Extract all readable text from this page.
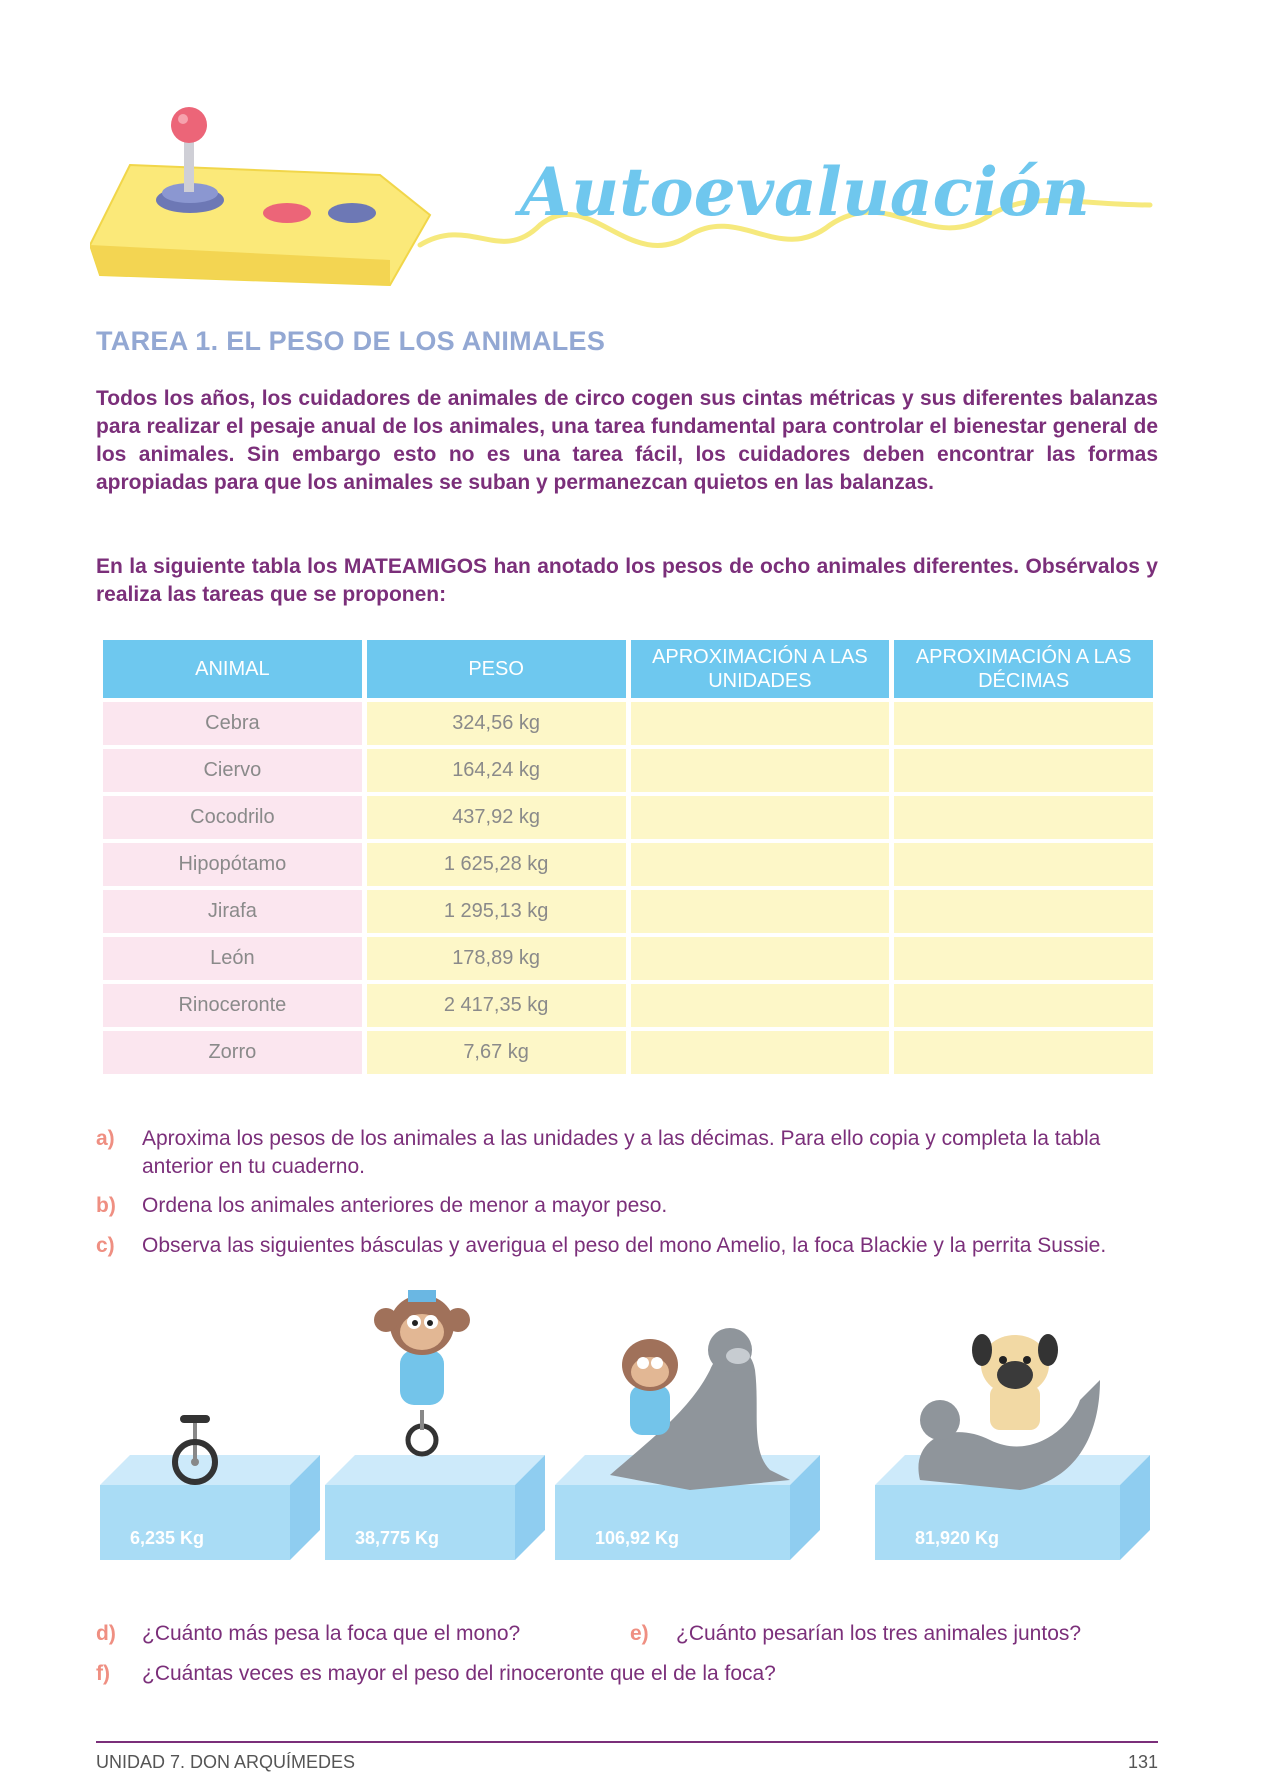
Autoevaluación
TAREA 1. EL PESO DE LOS ANIMALES

Todos los años, los cuidadores de animales de circo cogen sus cintas métricas y sus diferentes balanzas para realizar el pesaje anual de los animales, una tarea fundamental para controlar el bienestar general de los animales. Sin embargo esto no es una tarea fácil, los cuidadores deben encontrar las formas apropiadas para que los animales se suban y permanezcan quietos en las balanzas.

En la siguiente tabla los MATEAMIGOS han anotado los pesos de ocho animales diferentes. Obsérvalos y realiza las tareas que se proponen:

ANIMAL	PESO	APROXIMACIÓN A LAS UNIDADES	APROXIMACIÓN A LAS DÉCIMAS
Cebra	324,56 kg		
Ciervo	164,24 kg		
Cocodrilo	437,92 kg		
Hipopótamo	1 625,28 kg		
Jirafa	1 295,13 kg		
León	178,89 kg		
Rinoceronte	2 417,35 kg		
Zorro	7,67 kg		
a) Aproxima los pesos de los animales a las unidades y a las décimas. Para ello copia y completa la tabla anterior en tu cuaderno.
b) Ordena los animales anteriores de menor a mayor peso.
c) Observa las siguientes básculas y averigua el peso del mono Amelio, la foca Blackie y la perrita Sussie.
6,235 Kg	38,775 Kg	106,92 Kg	81,920 Kg
d) ¿Cuánto más pesa la foca que el mono?	e) ¿Cuánto pesarían los tres animales juntos?
f) ¿Cuántas veces es mayor el peso del rinoceronte que el de la foca?
UNIDAD 7. DON ARQUÍMEDES	131
